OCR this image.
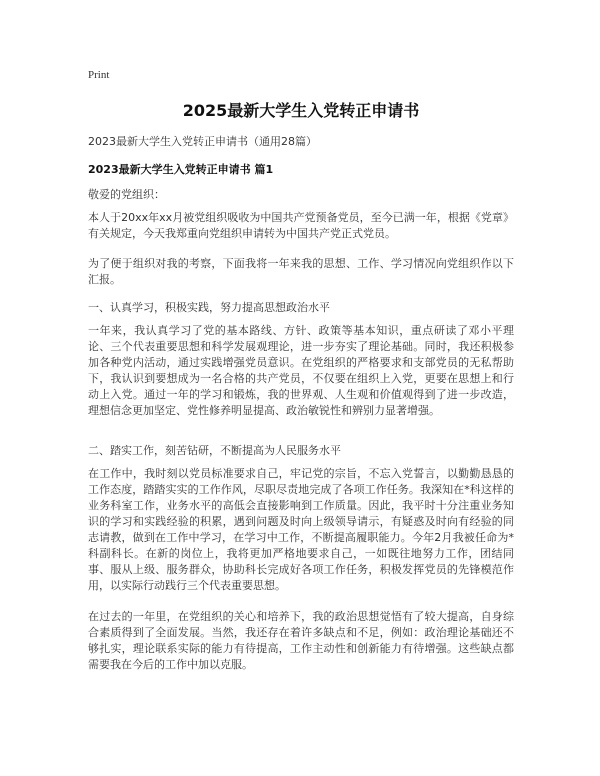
Print
2025最新大学生入党转正申请书
2023最新大学生入党转正申请书（通用28篇）
2023最新大学生入党转正申请书 篇1

敬爱的党组织：

本人于20xx年xx月被党组织吸收为中国共产党预备党员，至今已满一年，根据《党章》有关规定，今天我郑重向党组织申请转为中国共产党正式党员。

为了便于组织对我的考察，下面我将一年来我的思想、工作、学习情况向党组织作以下汇报。

一、认真学习，积极实践，努力提高思想政治水平

一年来，我认真学习了党的基本路线、方针、政策等基本知识，重点研读了邓小平理论、三个代表重要思想和科学发展观理论，进一步夯实了理论基础。同时，我还积极参加各种党内活动，通过实践增强党员意识。在党组织的严格要求和支部党员的无私帮助下，我认识到要想成为一名合格的共产党员，不仅要在组织上入党，更要在思想上和行动上入党。通过一年的学习和锻炼，我的世界观、人生观和价值观得到了进一步改造，理想信念更加坚定、党性修养明显提高、政治敏锐性和辨别力显著增强。

二、踏实工作，刻苦钻研，不断提高为人民服务水平

在工作中，我时刻以党员标准要求自己，牢记党的宗旨，不忘入党誓言，以勤勤恳恳的工作态度，踏踏实实的工作作风，尽职尽责地完成了各项工作任务。我深知在*科这样的业务科室工作，业务水平的高低会直接影响到工作质量。因此，我平时十分注重业务知识的学习和实践经验的积累，遇到问题及时向上级领导请示，有疑惑及时向有经验的同志请教，做到在工作中学习，在学习中工作，不断提高履职能力。今年2月我被任命为*科副科长。在新的岗位上，我将更加严格地要求自己，一如既往地努力工作，团结同事、服从上级、服务群众，协助科长完成好各项工作任务，积极发挥党员的先锋模范作用，以实际行动践行三个代表重要思想。

在过去的一年里，在党组织的关心和培养下，我的政治思想觉悟有了较大提高，自身综合素质得到了全面发展。当然，我还存在着许多缺点和不足，例如：政治理论基础还不够扎实，理论联系实际的能力有待提高，工作主动性和创新能力有待增强。这些缺点都需要我在今后的工作中加以克服。
